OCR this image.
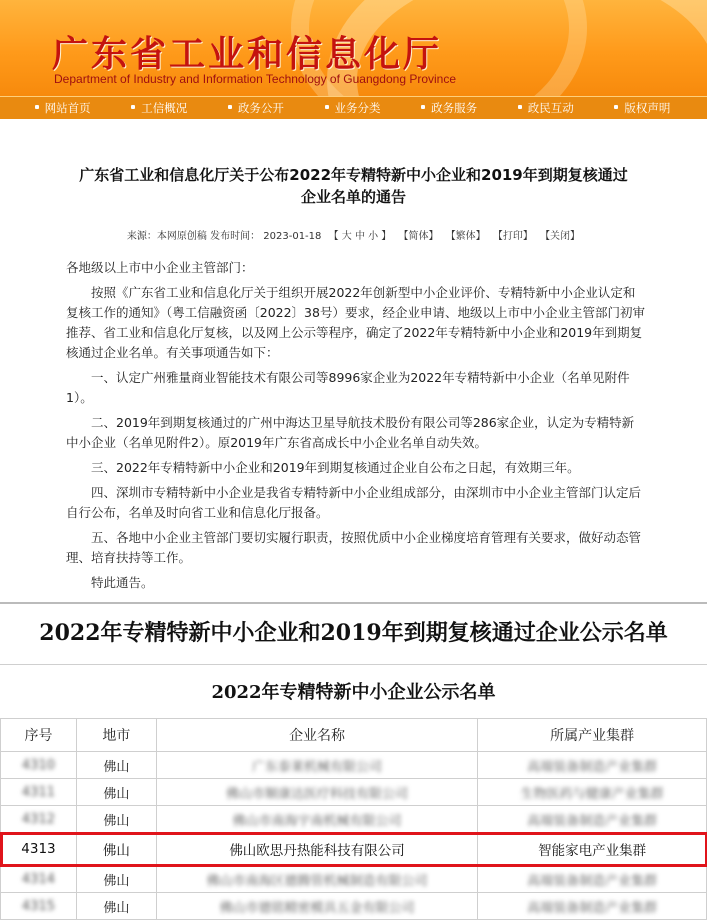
广东省工业和信息化厅
Department of Industry and Information Technology of Guangdong Province
网站首页	工信概况	政务公开	业务分类	政务服务	政民互动	版权声明
广东省工业和信息化厅关于公布2022年专精特新中小企业和2019年到期复核通过
企业名单的通告
来源：本网原创稿 发布时间： 2023-01-18 【 大 中 小 】 【简体】 【繁体】 【打印】 【关闭】

各地级以上市中小企业主管部门：

按照《广东省工业和信息化厅关于组织开展2022年创新型中小企业评价、专精特新中小企业认定和复核工作的通知》（粤工信融资函〔2022〕38号）要求，经企业申请、地级以上市中小企业主管部门初审推荐、省工业和信息化厅复核，以及网上公示等程序，确定了2022年专精特新中小企业和2019年到期复核通过企业名单。有关事项通告如下：

一、认定广州雅量商业智能技术有限公司等8996家企业为2022年专精特新中小企业（名单见附件1）。

二、2019年到期复核通过的广州中海达卫星导航技术股份有限公司等286家企业，认定为专精特新中小企业（名单见附件2）。原2019年广东省高成长中小企业名单自动失效。

三、2022年专精特新中小企业和2019年到期复核通过企业自公布之日起，有效期三年。

四、深圳市专精特新中小企业是我省专精特新中小企业组成部分，由深圳市中小企业主管部门认定后自行公布，名单及时向省工业和信息化厅报备。

五、各地中小企业主管部门要切实履行职责，按照优质中小企业梯度培育管理有关要求，做好动态管理、培育扶持等工作。

特此通告。

2022年专精特新中小企业和2019年到期复核通过企业公示名单
2022年专精特新中小企业公示名单
序号	地市	企业名称	所属产业集群
4310	佛山	广东泰莱机械有限公司	高端装备制造产业集群
4311	佛山	佛山市顺康达医疗科技有限公司	生物医药与健康产业集群
4312	佛山	佛山市南海宇南机械有限公司	高端装备制造产业集群
4313	佛山	佛山欧思丹热能科技有限公司	智能家电产业集群
4314	佛山	佛山市南海区德腾管机械制造有限公司	高端装备制造产业集群
4315	佛山	佛山市德铭精密模具五金有限公司	高端装备制造产业集群
